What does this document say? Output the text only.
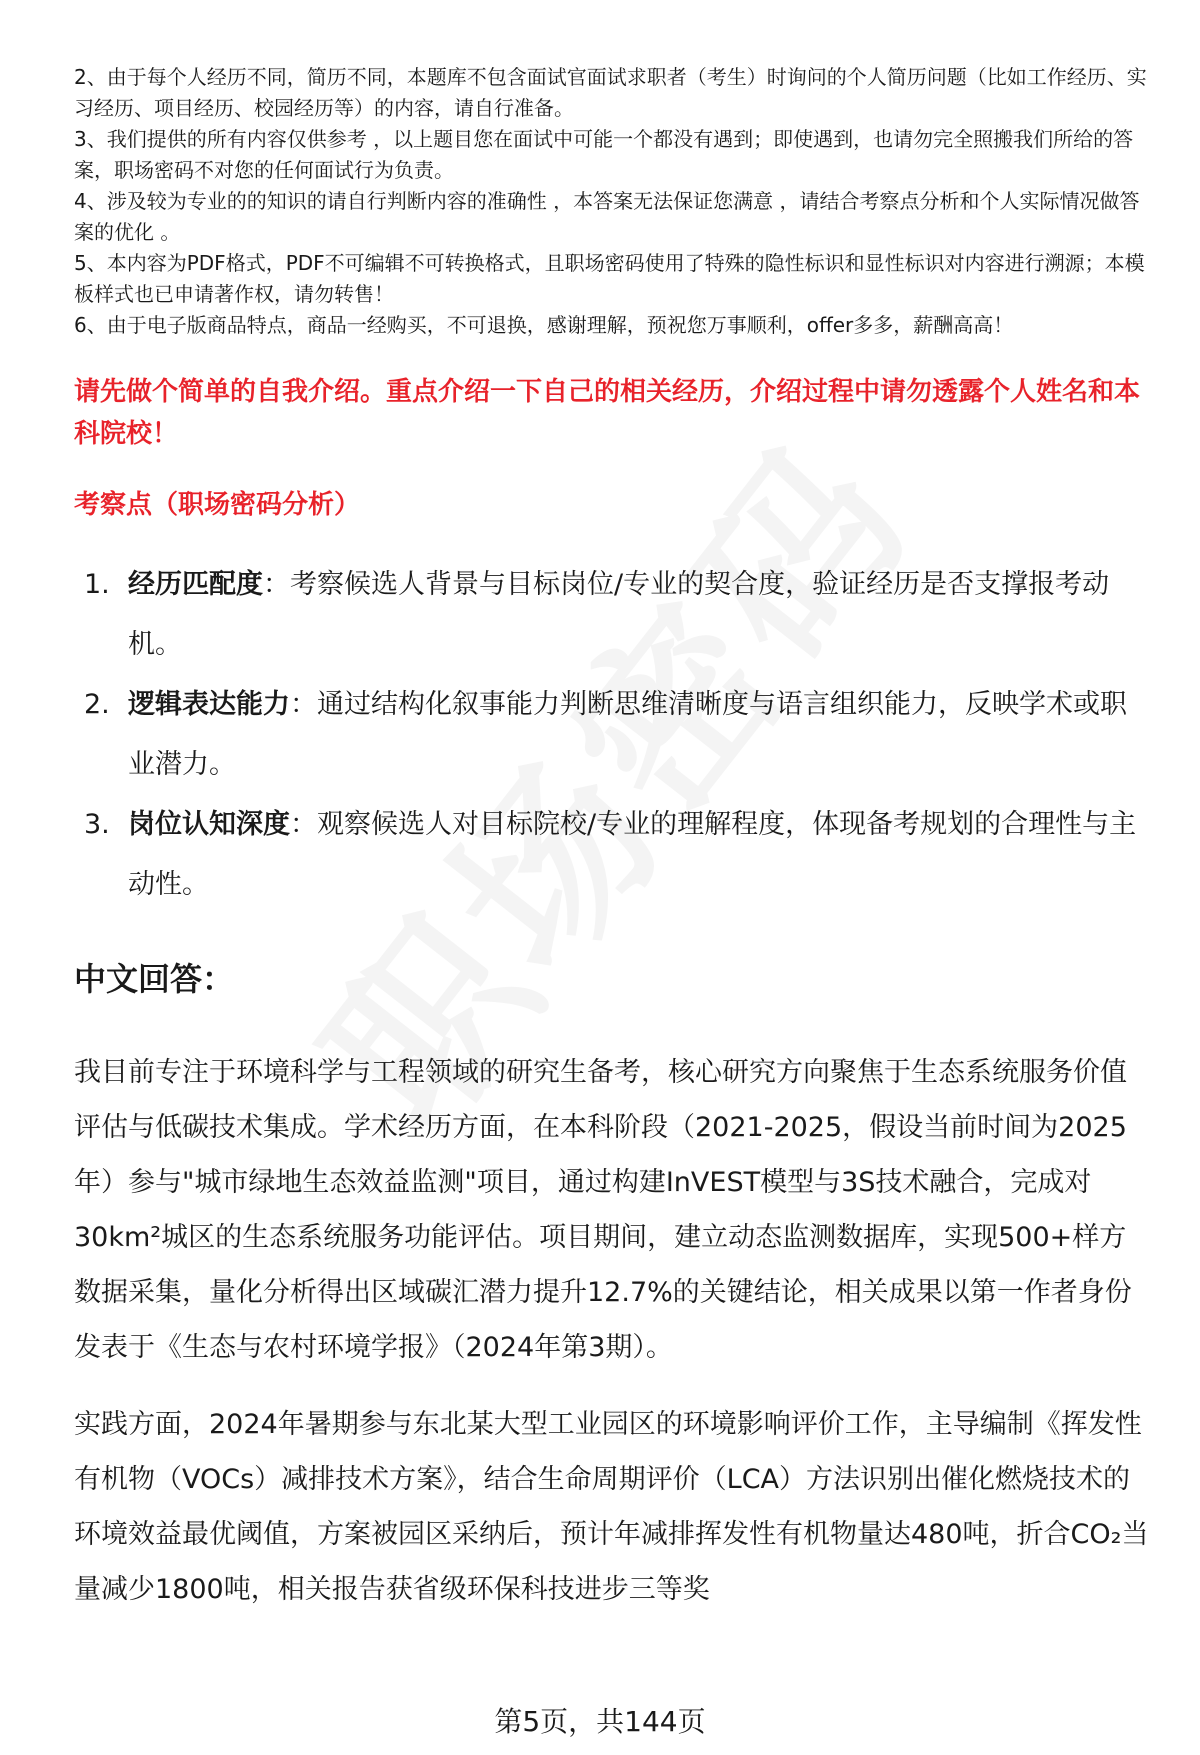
2、由于每个人经历不同，简历不同，本题库不包含面试官面试求职者（考生）时询问的个人简历问题（比如工作经历、实习经历、项目经历、校园经历等）的内容，请自行准备。

3、我们提供的所有内容仅供参考 ，以上题目您在面试中可能一个都没有遇到；即使遇到，也请勿完全照搬我们所给的答案，职场密码不对您的任何面试行为负责。

4、涉及较为专业的的知识的请自行判断内容的准确性 ，本答案无法保证您满意 ，请结合考察点分析和个人实际情况做答案的优化 。

5、本内容为PDF格式，PDF不可编辑不可转换格式，且职场密码使用了特殊的隐性标识和显性标识对内容进行溯源；本模板样式也已申请著作权，请勿转售！

6、由于电子版商品特点，商品一经购买，不可退换，感谢理解，预祝您万事顺利，offer多多，薪酬高高！

请先做个简单的自我介绍。重点介绍一下自己的相关经历，介绍过程中请勿透露个人姓名和本科院校！
考察点（职场密码分析）
1. 经历匹配度：考察候选人背景与目标岗位/专业的契合度，验证经历是否支撑报考动机。
2. 逻辑表达能力：通过结构化叙事能力判断思维清晰度与语言组织能力，反映学术或职业潜力。
3. 岗位认知深度：观察候选人对目标院校/专业的理解程度，体现备考规划的合理性与主动性。
中文回答：

我目前专注于环境科学与工程领域的研究生备考，核心研究方向聚焦于生态系统服务价值评估与低碳技术集成。学术经历方面，在本科阶段（2021-2025，假设当前时间为2025年）参与"城市绿地生态效益监测"项目，通过构建InVEST模型与3S技术融合，完成对30km²城区的生态系统服务功能评估。项目期间，建立动态监测数据库，实现500+样方数据采集，量化分析得出区域碳汇潜力提升12.7%的关键结论，相关成果以第一作者身份发表于《生态与农村环境学报》（2024年第3期）。

实践方面，2024年暑期参与东北某大型工业园区的环境影响评价工作，主导编制《挥发性有机物（VOCs）减排技术方案》，结合生命周期评价（LCA）方法识别出催化燃烧技术的环境效益最优阈值，方案被园区采纳后，预计年减排挥发性有机物量达480吨，折合CO₂当量减少1800吨，相关报告获省级环保科技进步三等奖

第5页，共144页
